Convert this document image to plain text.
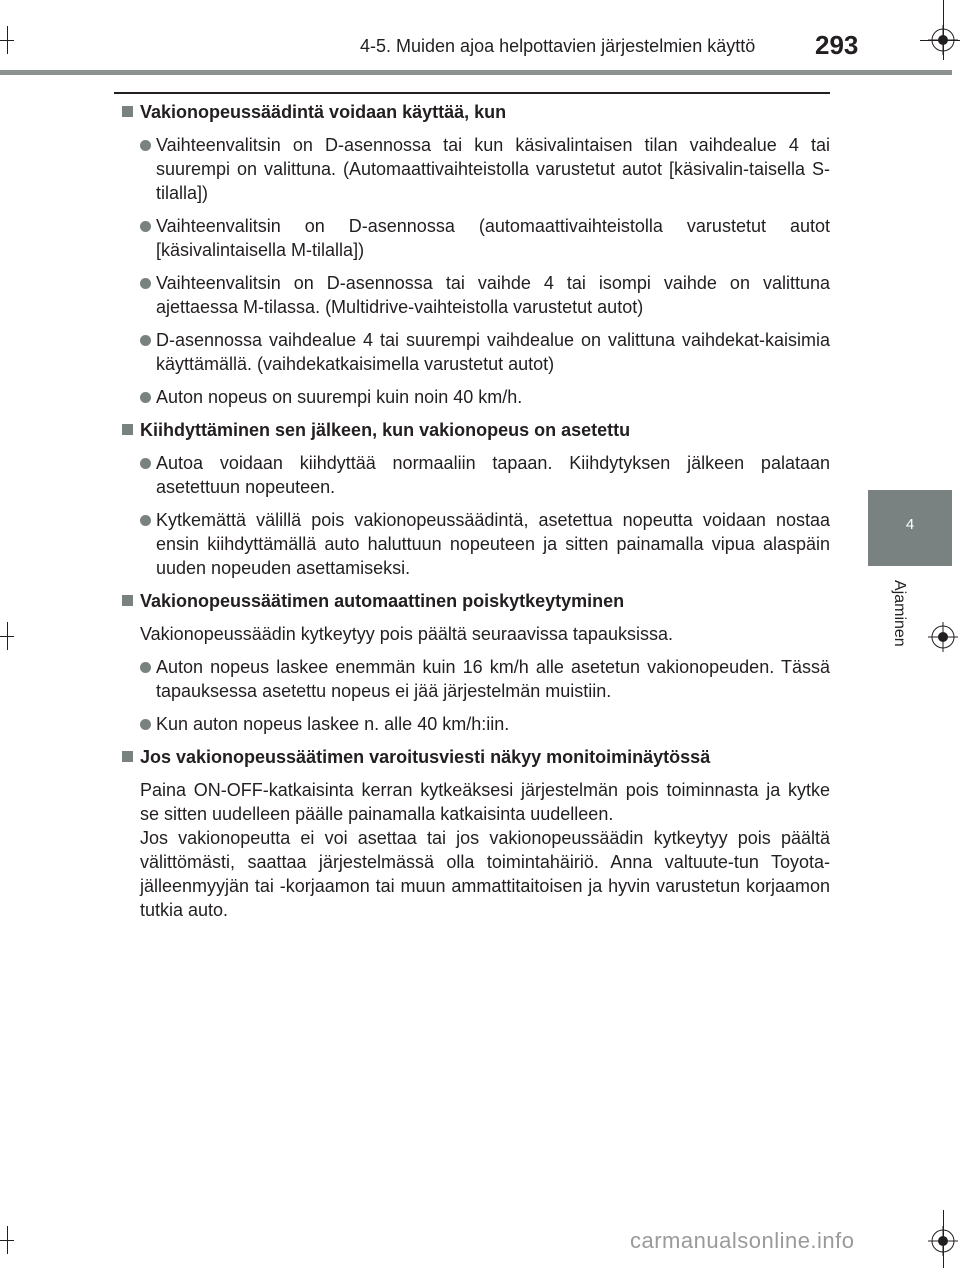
4-5. Muiden ajoa helpottavien järjestelmien käyttö 293
4
Ajaminen
Vakionopeussäädintä voidaan käyttää, kun
Vaihteenvalitsin on D-asennossa tai kun käsivalintaisen tilan vaihdealue 4 tai suurempi on valittuna. (Automaattivaihteistolla varustetut autot [käsivalin-taisella S-tilalla])
Vaihteenvalitsin on D-asennossa (automaattivaihteistolla varustetut autot [käsivalintaisella M-tilalla])
Vaihteenvalitsin on D-asennossa tai vaihde 4 tai isompi vaihde on valittuna ajettaessa M-tilassa. (Multidrive-vaihteistolla varustetut autot)
D-asennossa vaihdealue 4 tai suurempi vaihdealue on valittuna vaihdekat-kaisimia käyttämällä. (vaihdekatkaisimella varustetut autot)
Auton nopeus on suurempi kuin noin 40 km/h.
Kiihdyttäminen sen jälkeen, kun vakionopeus on asetettu
Autoa voidaan kiihdyttää normaaliin tapaan. Kiihdytyksen jälkeen palataan asetettuun nopeuteen.
Kytkemättä välillä pois vakionopeussäädintä, asetettua nopeutta voidaan nostaa ensin kiihdyttämällä auto haluttuun nopeuteen ja sitten painamalla vipua alaspäin uuden nopeuden asettamiseksi.
Vakionopeussäätimen automaattinen poiskytkeytyminen
Vakionopeussäädin kytkeytyy pois päältä seuraavissa tapauksissa.
Auton nopeus laskee enemmän kuin 16 km/h alle asetetun vakionopeuden. Tässä tapauksessa asetettu nopeus ei jää järjestelmän muistiin.
Kun auton nopeus laskee n. alle 40 km/h:iin.
Jos vakionopeussäätimen varoitusviesti näkyy monitoiminäytössä
Paina ON-OFF-katkaisinta kerran kytkeäksesi järjestelmän pois toiminnasta ja kytke se sitten uudelleen päälle painamalla katkaisinta uudelleen.
Jos vakionopeutta ei voi asettaa tai jos vakionopeussäädin kytkeytyy pois päältä välittömästi, saattaa järjestelmässä olla toimintahäiriö. Anna valtuute-tun Toyota-jälleenmyyjän tai -korjaamon tai muun ammattitaitoisen ja hyvin varustetun korjaamon tutkia auto.
carmanualsonline.info
